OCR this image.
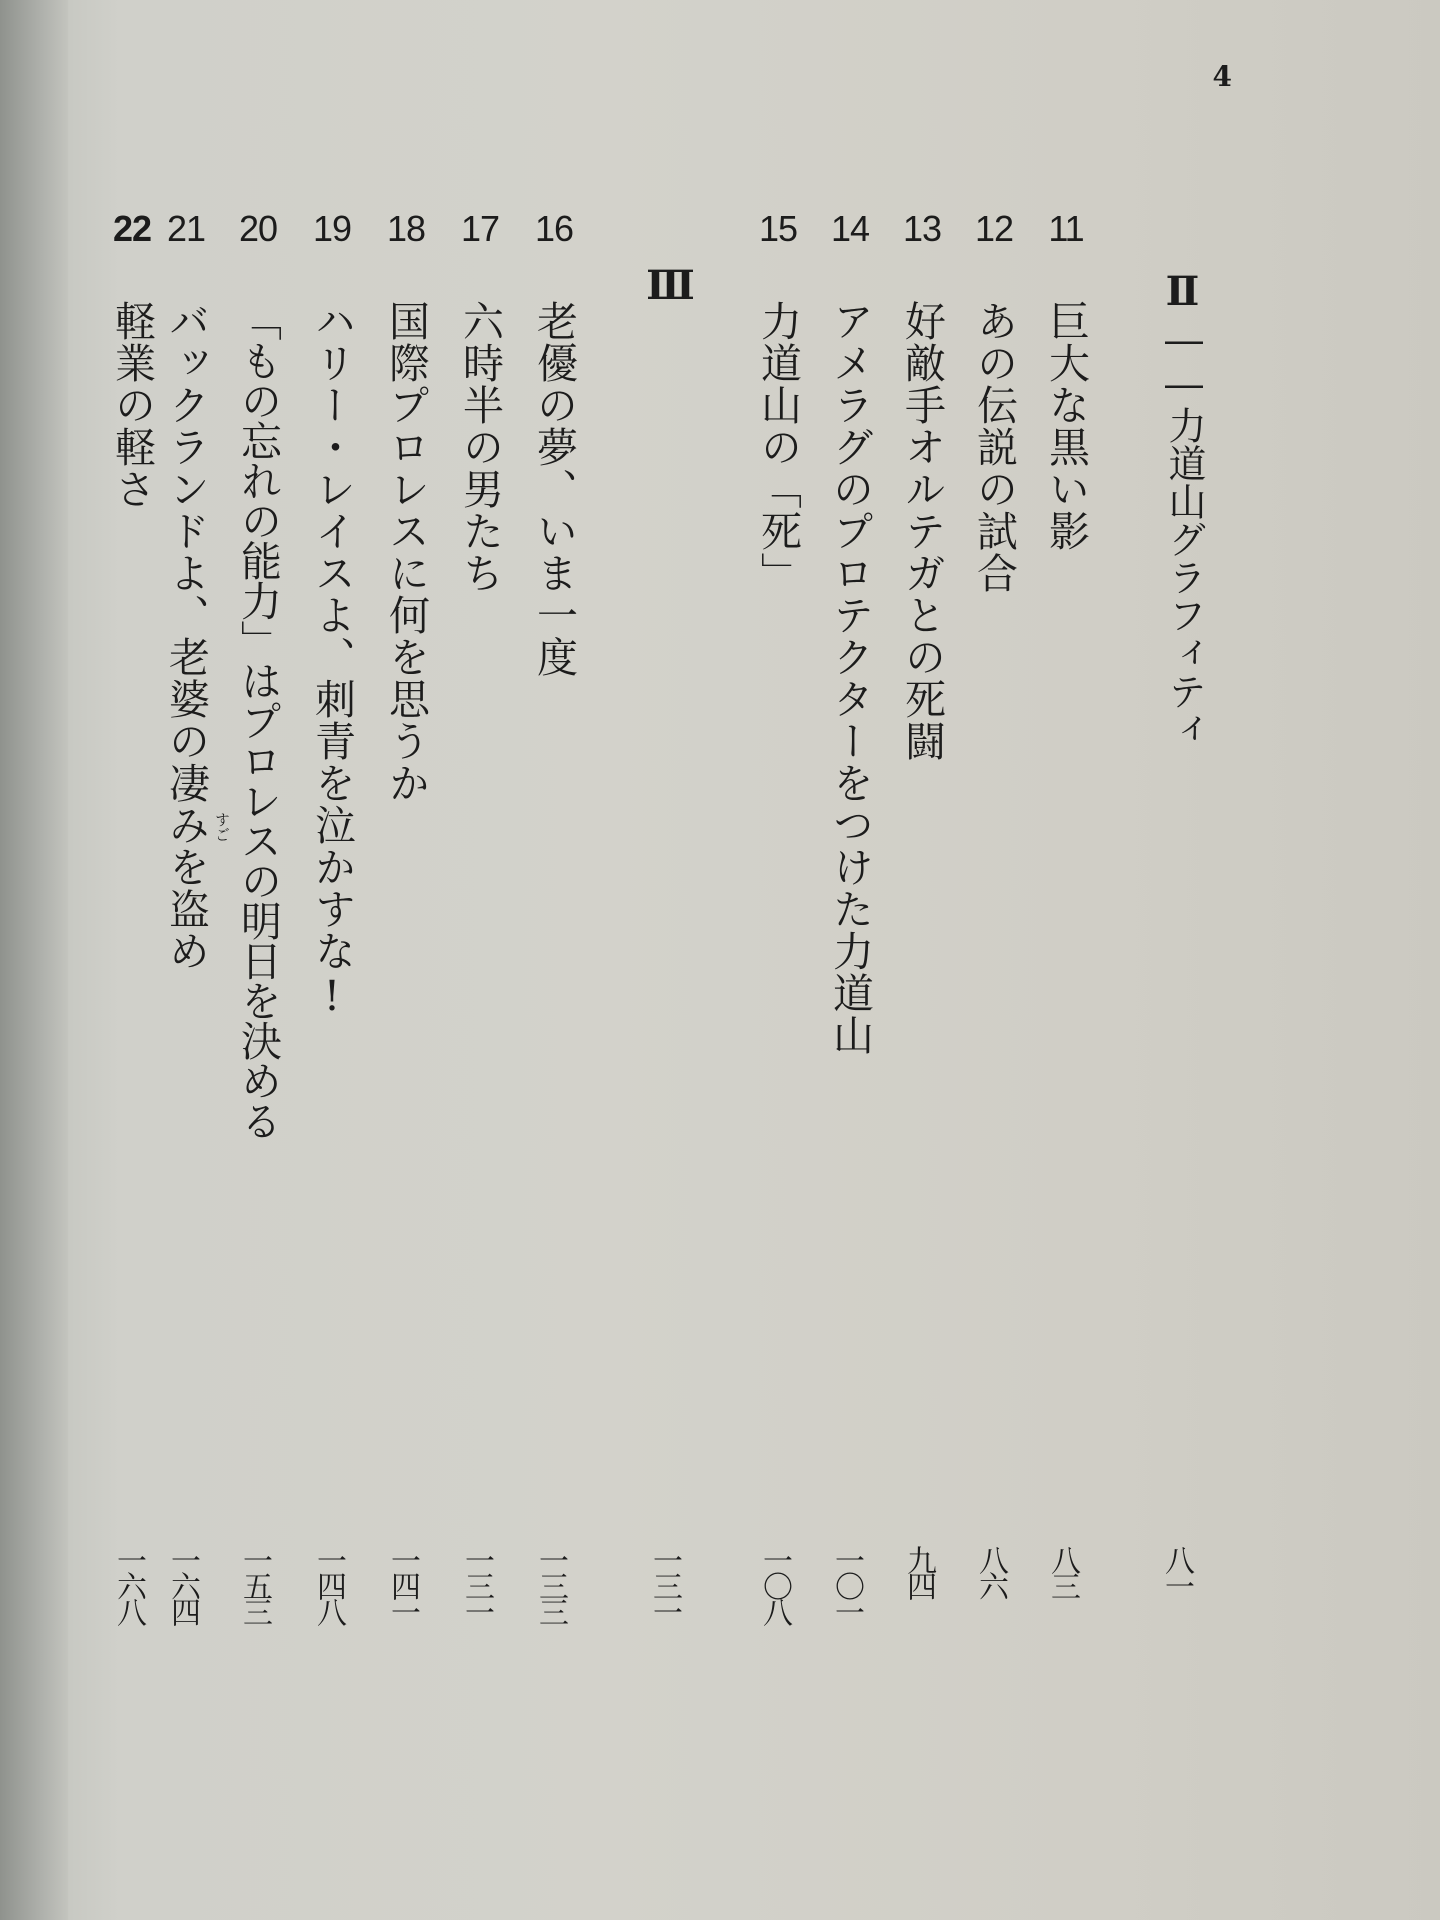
4
Ⅱ
――力道山グラフィティ
八一
11
巨大な黒い影
八三
12
あの伝説の試合
八六
13
好敵手オルテガとの死闘
九四
14
アメラグのプロテクターをつけた力道山
一〇一
15
力道山の「死」
一〇八
Ⅲ
一三一
16
老優の夢、いま一度
一三三
17
六時半の男たち
一三一
18
国際プロレスに何を思うか
一四一
19
ハリー・レイスよ、刺青を泣かすな!
一四八
20
「もの忘れの能力」はプロレスの明日を決める
一五三
21
バックランドよ、老婆の凄みを盗め すご
一六四
22
軽業の軽さ
一六八
